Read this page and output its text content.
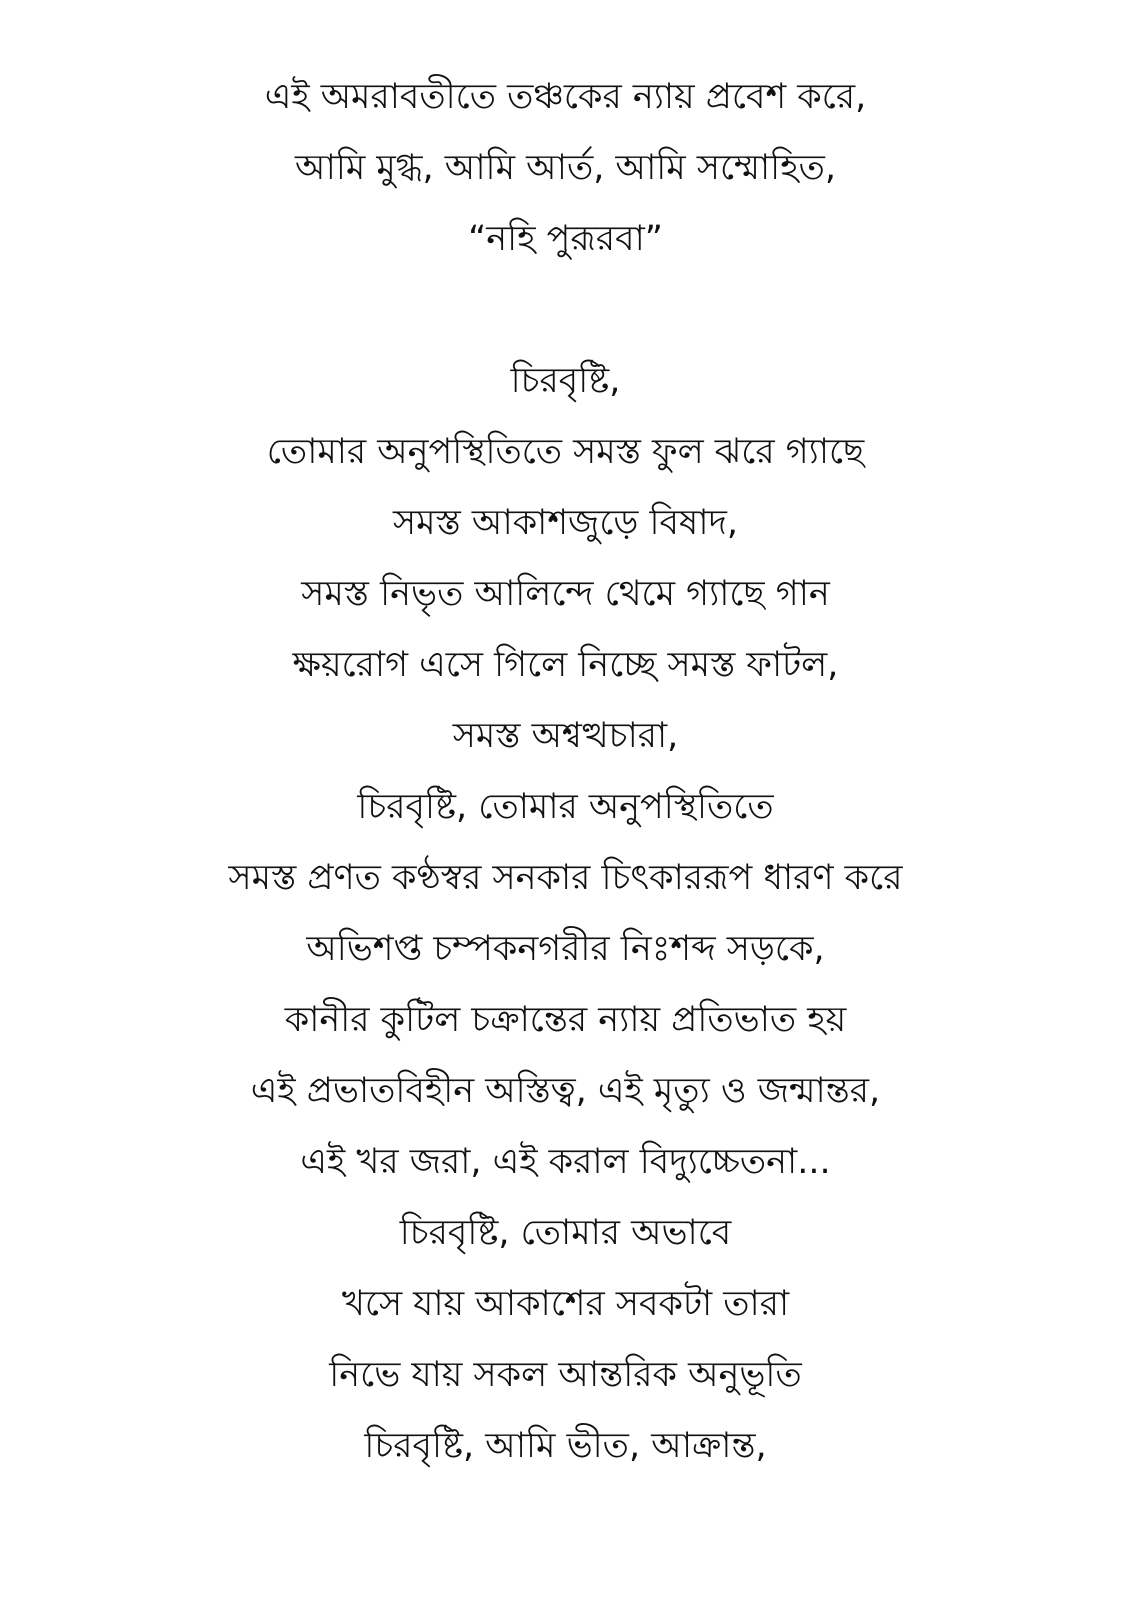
এই অমরাবতীতে তঞ্চকের ন্যায় প্রবেশ করে,
আমি মুগ্ধ, আমি আর্ত, আমি সম্মোহিত,
“নহি পুরূরবা”
চিরবৃষ্টি,
তোমার অনুপস্থিতিতে সমস্ত ফুল ঝরে গ্যাছে
সমস্ত আকাশজুড়ে বিষাদ,
সমস্ত নিভৃত আলিন্দে থেমে গ্যাছে গান
ক্ষয়রোগ এসে গিলে নিচ্ছে সমস্ত ফাটল,
সমস্ত অশ্বত্থচারা,
চিরবৃষ্টি, তোমার অনুপস্থিতিতে
সমস্ত প্রণত কণ্ঠস্বর সনকার চিৎকাররূপ ধারণ করে
অভিশপ্ত চম্পকনগরীর নিঃশব্দ সড়কে,
কানীর কুটিল চক্রান্তের ন্যায় প্রতিভাত হয়
এই প্রভাতবিহীন অস্তিত্ব, এই মৃত্যু ও জন্মান্তর,
এই খর জরা, এই করাল বিদ্যুচ্চেতনা...
চিরবৃষ্টি, তোমার অভাবে
খসে যায় আকাশের সবকটা তারা
নিভে যায় সকল আন্তরিক অনুভূতি
চিরবৃষ্টি, আমি ভীত, আক্রান্ত,
